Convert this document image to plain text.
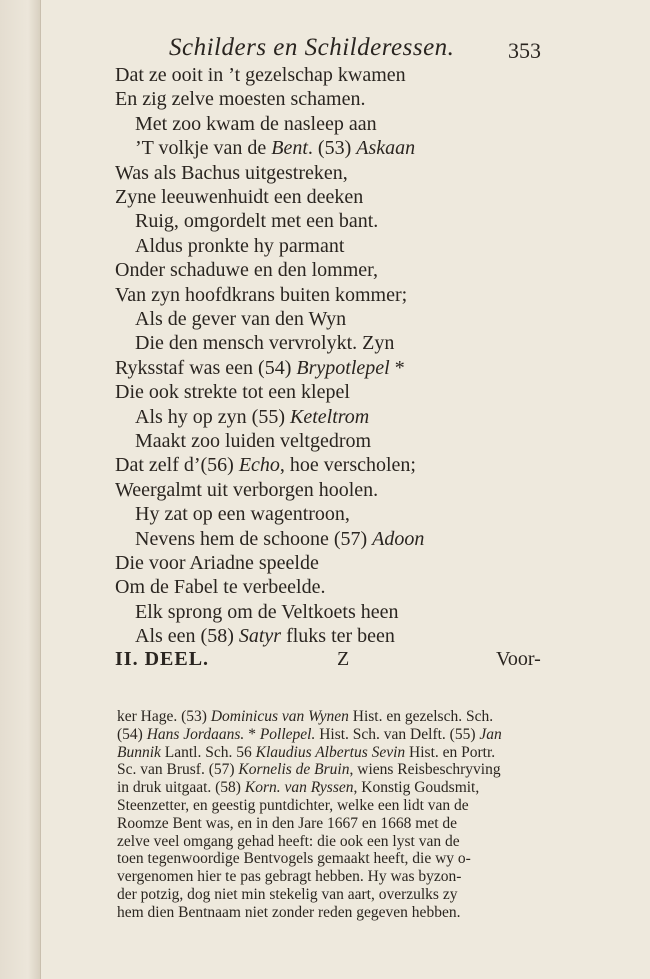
Schilders en Schilderessen. 353
Dat ze ooit in ’t gezelschap kwamen
En zig zelve moesten schamen.
Met zoo kwam de nasleep aan
’T volkje van de Bent. (53) Askaan
Was als Bachus uitgestreken,
Zyne leeuwenhuidt een deeken
Ruig, omgordelt met een bant.
Aldus pronkte hy parmant
Onder schaduwe en den lommer,
Van zyn hoofdkrans buiten kommer;
Als de gever van den Wyn
Die den mensch vervrolykt. Zyn
Ryksstaf was een (54) Brypotlepel *
Die ook strekte tot een klepel
Als hy op zyn (55) Keteltrom
Maakt zoo luiden veltgedrom
Dat zelf d’(56) Echo, hoe verscholen;
Weergalmt uit verborgen hoolen.
Hy zat op een wagentroon,
Nevens hem de schoone (57) Adoon
Die voor Ariadne speelde
Om de Fabel te verbeelde.
Elk sprong om de Veltkoets heen
Als een (58) Satyr fluks ter been
II. DEEL.	Z	Voor-
ker Hage. (53) Dominicus van Wynen Hist. en gezelsch. Sch.
(54) Hans Jordaans. * Pollepel. Hist. Sch. van Delft. (55) Jan
Bunnik Lantl. Sch. 56 Klaudius Albertus Sevin Hist. en Portr.
Sc. van Brusf. (57) Kornelis de Bruin, wiens Reisbeschryving
in druk uitgaat. (58) Korn. van Ryssen, Konstig Goudsmit,
Steenzetter, en geestig puntdichter, welke een lidt van de
Roomze Bent was, en in den Jare 1667 en 1668 met de
zelve veel omgang gehad heeft: die ook een lyst van de
toen tegenwoordige Bentvogels gemaakt heeft, die wy o-
vergenomen hier te pas gebragt hebben. Hy was byzon-
der potzig, dog niet min stekelig van aart, overzulks zy
hem dien Bentnaam niet zonder reden gegeven hebben.
